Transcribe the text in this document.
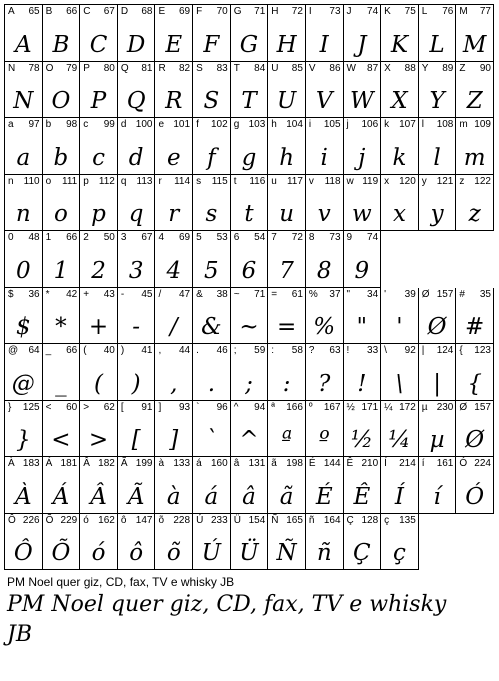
A 65
A
B 66
B
C 67
C
D 68
D
E 69
E
F 70
F
G 71
G
H 72
H
I 73
I
J 74
J
K 75
K
L 76
L
M 77
M
N 78
N
O 79
O
P 80
P
Q 81
Q
R 82
R
S 83
S
T 84
T
U 85
U
V 86
V
W 87
W
X 88
X
Y 89
Y
Z 90
Z
a 97
a
b 98
b
c 99
c
d 100
d
e 101
e
f 102
f
g 103
g
h 104
h
i 105
i
j 106
j
k 107
k
l 108
l
m 109
m
n 110
n
o 111
o
p 112
p
q 113
q
r 114
r
s 115
s
t 116
t
u 117
u
v 118
v
w 119
w
x 120
x
y 121
y
z 122
z
0 48
0
1 66
1
2 50
2
3 67
3
4 69
4
5 53
5
6 54
6
7 72
7
8 73
8
9 74
9
$ 36
$
* 42
*
+ 43
+
- 45
-
/ 47
/
& 38
&
~ 71
~
= 61
=
% 37
%
" 34
"
' 39
'
Ø 157
Ø
# 35
#
@ 64
@
_ 66
_
( 40
(
) 41
)
, 44
,
. 46
.
; 59
;
: 58
:
? 63
?
! 33
!
\ 92
\
| 124
|
{ 123
{
} 125
}
< 60
<
> 62
>
[ 91
[
] 93
]
` 96
`
^ 94
^
ª 166
ª
º 167
º
½ 171
½
¼ 172
¼
µ 230
µ
Ø 157
Ø
À 183
À
Á 181
Á
Â 182
Â
Ã 199
Ã
à 133
à
á 160
á
â 131
â
ã 198
ã
É 144
É
Ê 210
Ê
Í 214
Í
í 161
í
Ó 224
Ó
Ô 226
Ô
Õ 229
Õ
ó 162
ó
ô 147
ô
õ 228
õ
Ú 233
Ú
Ü 154
Ü
Ñ 165
Ñ
ñ 164
ñ
Ç 128
Ç
ç 135
ç
PM Noel quer giz, CD, fax, TV e whisky JB
PM Noel quer giz, CD, fax, TV e whisky JB
